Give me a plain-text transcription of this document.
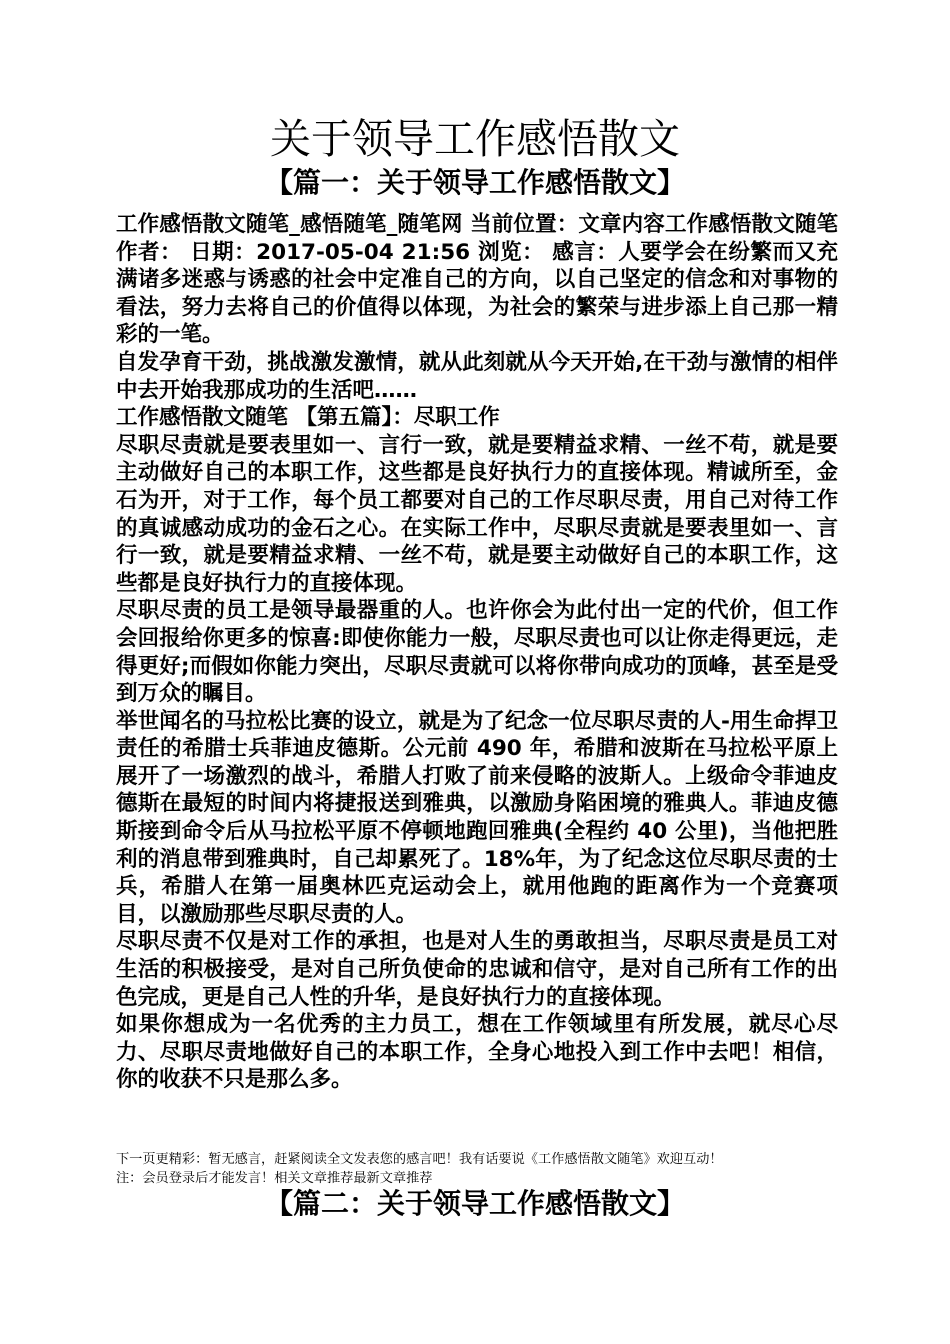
关于领导工作感悟散文
【篇一：关于领导工作感悟散文】

工作感悟散文随笔_感悟随笔_随笔网 当前位置：文章内容工作感悟散文随笔作者： 日期：2017-05-04 21:56 浏览： 感言：人要学会在纷繁而又充满诸多迷惑与诱惑的社会中定准自己的方向，以自己坚定的信念和对事物的看法，努力去将自己的价值得以体现，为社会的繁荣与进步添上自己那一精彩的一笔。

自发孕育干劲，挑战激发激情，就从此刻就从今天开始,在干劲与激情的相伴中去开始我那成功的生活吧……

工作感悟散文随笔 【第五篇】：尽职工作

尽职尽责就是要表里如一、言行一致，就是要精益求精、一丝不苟，就是要主动做好自己的本职工作，这些都是良好执行力的直接体现。精诚所至，金石为开，对于工作，每个员工都要对自己的工作尽职尽责，用自己对待工作的真诚感动成功的金石之心。在实际工作中，尽职尽责就是要表里如一、言行一致，就是要精益求精、一丝不苟，就是要主动做好自己的本职工作，这些都是良好执行力的直接体现。

尽职尽责的员工是领导最器重的人。也许你会为此付出一定的代价，但工作会回报给你更多的惊喜:即使你能力一般，尽职尽责也可以让你走得更远，走得更好;而假如你能力突出，尽职尽责就可以将你带向成功的顶峰，甚至是受到万众的瞩目。

举世闻名的马拉松比赛的设立，就是为了纪念一位尽职尽责的人-用生命捍卫责任的希腊士兵菲迪皮德斯。公元前 490 年，希腊和波斯在马拉松平原上展开了一场激烈的战斗，希腊人打败了前来侵略的波斯人。上级命令菲迪皮德斯在最短的时间内将捷报送到雅典，以激励身陷困境的雅典人。菲迪皮德斯接到命令后从马拉松平原不停顿地跑回雅典(全程约 40 公里)，当他把胜利的消息带到雅典时，自己却累死了。18%年，为了纪念这位尽职尽责的士兵，希腊人在第一届奥林匹克运动会上，就用他跑的距离作为一个竞赛项目，以激励那些尽职尽责的人。

尽职尽责不仅是对工作的承担，也是对人生的勇敢担当，尽职尽责是员工对生活的积极接受，是对自己所负使命的忠诚和信守，是对自己所有工作的出色完成，更是自己人性的升华，是良好执行力的直接体现。

如果你想成为一名优秀的主力员工，想在工作领域里有所发展，就尽心尽力、尽职尽责地做好自己的本职工作，全身心地投入到工作中去吧！相信，你的收获不只是那么多。

下一页更精彩：暂无感言，赶紧阅读全文发表您的感言吧！我有话要说《工作感悟散文随笔》欢迎互动！

注：会员登录后才能发言！相关文章推荐最新文章推荐

【篇二：关于领导工作感悟散文】
